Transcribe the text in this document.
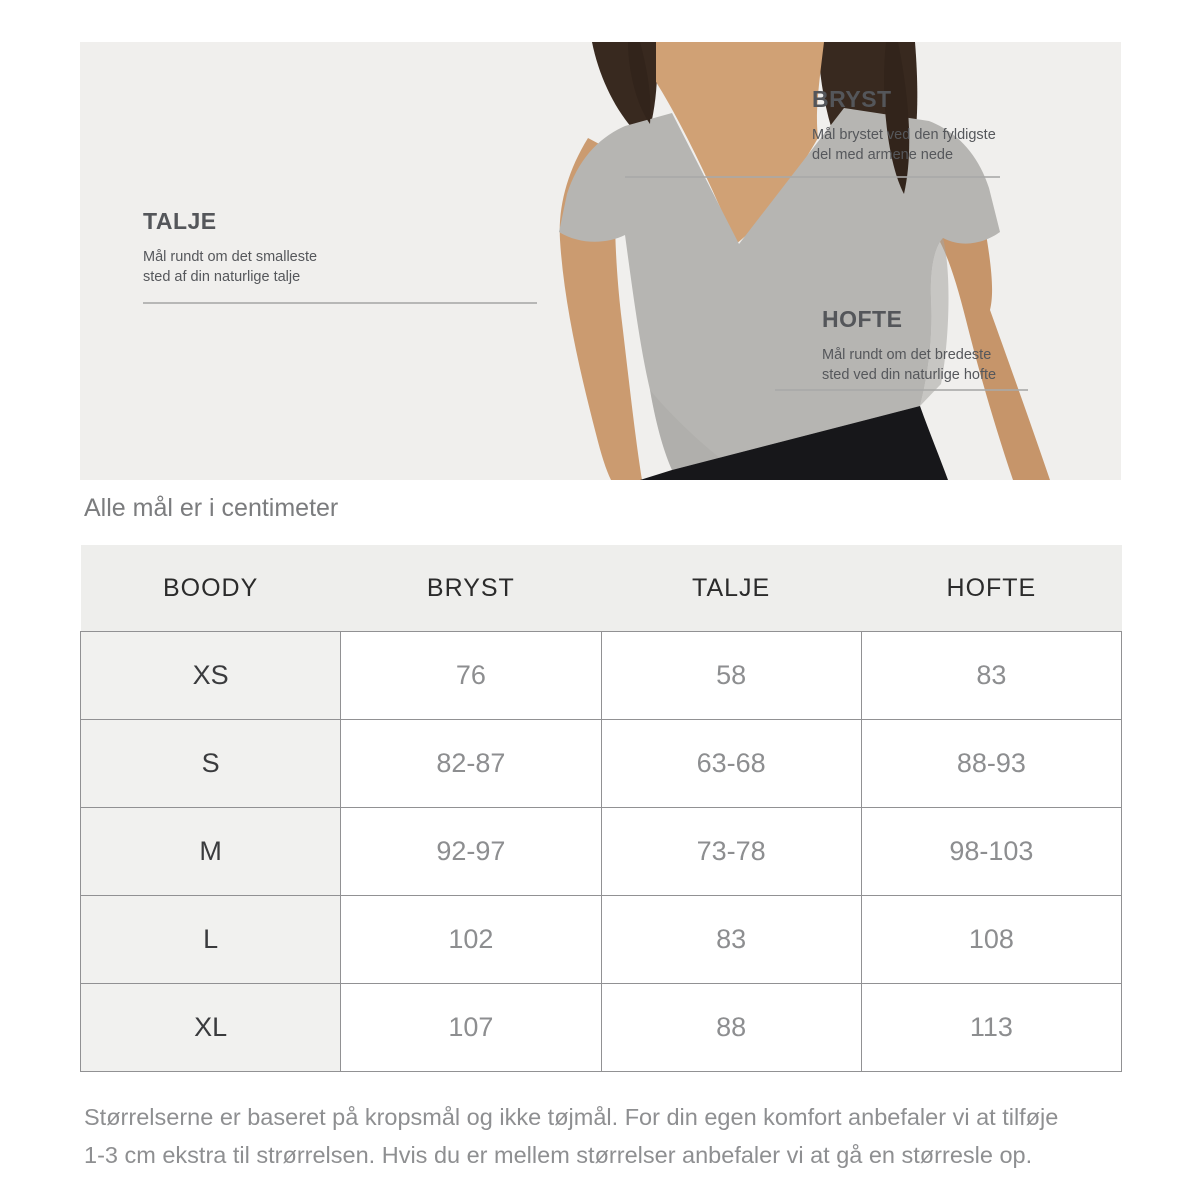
BRYST

Mål brystet ved den fyldigste
del med armene nede

TALJE

Mål rundt om det smalleste
sted af din naturlige talje

HOFTE

Mål rundt om det bredeste
sted ved din naturlige hofte

Alle mål er i centimeter
BOODY	BRYST	TALJE	HOFTE
XS	76	58	83
S	82-87	63-68	88-93
M	92-97	73-78	98-103
L	102	83	108
XL	107	88	113
Størrelserne er baseret på kropsmål og ikke tøjmål. For din egen komfort anbefaler vi at tilføje
1-3 cm ekstra til strørrelsen. Hvis du er mellem størrelser anbefaler vi at gå en størresle op.
